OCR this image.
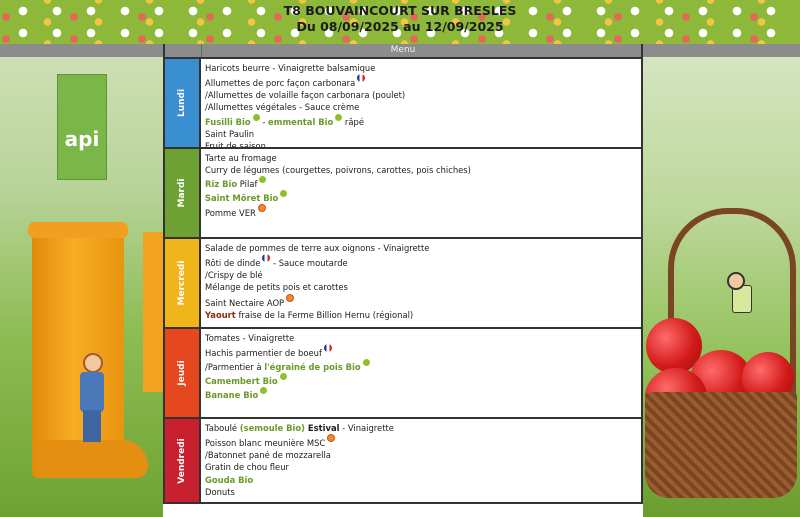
T8 BOUVAINCOURT SUR BRESLES
Du 08/09/2025 au 12/09/2025
api
Menu
Lundi
Haricots beurre - Vinaigrette balsamique
Allumettes de porc façon carbonara
/Allumettes de volaille façon carbonara (poulet)
/Allumettes végétales - Sauce crème
Fusilli Bio - emmental Bio râpé
Saint Paulin
Fruit de saison
Mardi
Tarte au fromage
Curry de légumes (courgettes, poivrons, carottes, pois chiches)
Riz Bio Pilaf
Saint Môret Bio
Pomme VER
Mercredi
Salade de pommes de terre aux oignons - Vinaigrette
Rôti de dinde - Sauce moutarde
/Crispy de blé
Mélange de petits pois et carottes
Saint Nectaire AOP
Yaourt fraise de la Ferme Billion Hernu (régional)
Jeudi
Tomates - Vinaigrette
Hachis parmentier de boeuf
/Parmentier à l'égrainé de pois Bio
Camembert Bio
Banane Bio
Vendredi
Taboulé (semoule Bio) Estival - Vinaigrette
Poisson blanc meunière MSC
/Batonnet pané de mozzarella
Gratin de chou fleur
Gouda Bio
Donuts
